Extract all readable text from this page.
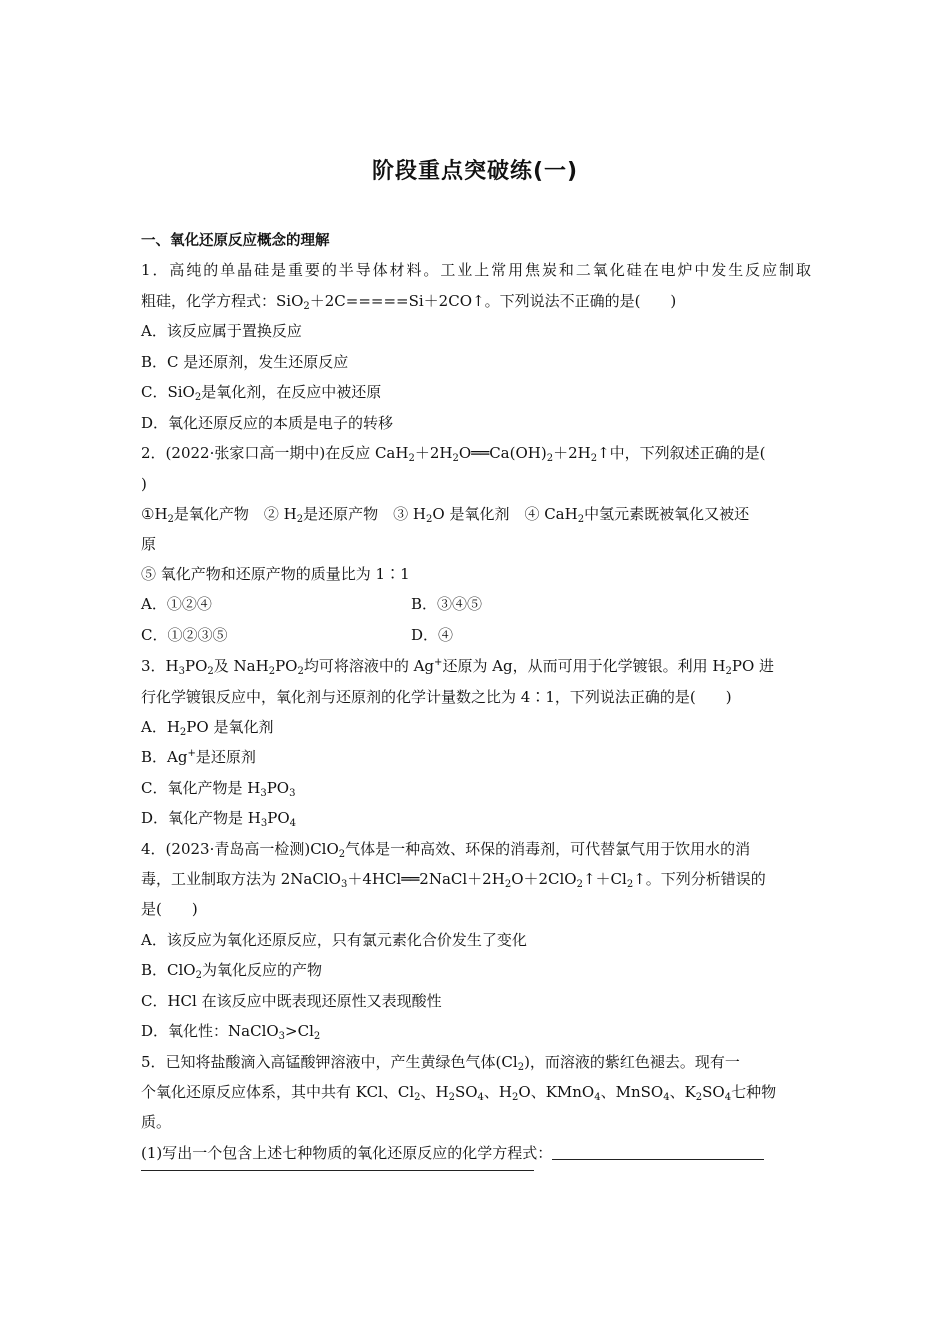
阶段重点突破练(一)
一、氧化还原反应概念的理解
1．高纯的单晶硅是重要的半导体材料。工业上常用焦炭和二氧化硅在电炉中发生反应制取
粗硅，化学方程式：SiO$_2$＋2C=====Si＋2CO↑。下列说法不正确的是(　　)
A．该反应属于置换反应
B．C 是还原剂，发生还原反应
C．SiO$_2$是氧化剂，在反应中被还原
D．氧化还原反应的本质是电子的转移
2．(2022·张家口高一期中)在反应 $CaH_2+2H_2O══Ca(OH)_2+2H_2↑$中，下列叙述正确的是(
)
$①H_2$是氧化产物　② $H_2$是还原产物　③ $H_2O$ 是氧化剂　④ CaH$_2$中氢元素既被氧化又被还
原
⑤ 氧化产物和还原产物的质量比为 1∶1
A．①②④	B．③④⑤
C．①②③⑤	D．④
3．$H_3PO_2$及 $NaH_2PO_2$均可将溶液中的 Ag+还原为 Ag，从而可用于化学镀银。利用 $H_2PO$ 进
行化学镀银反应中，氧化剂与还原剂的化学计量数之比为 4∶1，下列说法正确的是(　　)
A．$H_2PO$ 是氧化剂
B．Ag+是还原剂
C．氧化产物是 $H_3PO_3$
D．氧化产物是 $H_3PO_4$
4．(2023·青岛高一检测)ClO$_2$气体是一种高效、环保的消毒剂，可代替氯气用于饮用水的消
毒，工业制取方法为 $2NaClO_3+4HCl══2NaCl+2H_2O+2ClO_2↑+Cl_2↑$。下列分析错误的
是(　　)
A．该反应为氧化还原反应，只有氯元素化合价发生了变化
B．ClO$_2$为氧化反应的产物
C．HCl 在该反应中既表现还原性又表现酸性
D．氧化性：$NaClO_3>Cl_2$
5．已知将盐酸滴入高锰酸钾溶液中，产生黄绿色气体$(Cl_2)$，而溶液的紫红色褪去。现有一
个氧化还原反应体系，其中共有 KCl、$Cl_2$、$H_2SO_4$、$H_2O$、KMnO$_4$、MnSO$_4$、$K_2SO_4$七种物
质。
(1)写出一个包含上述七种物质的氧化还原反应的化学方程式：
